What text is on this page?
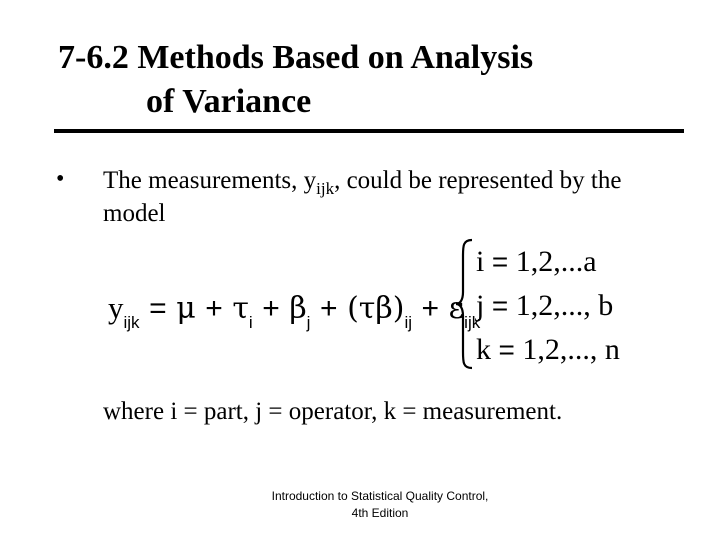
7-6.2 Methods Based on Analysis
of Variance
• The measurements, $y_{ijk}$, could be represented by the model
$y_{ijk} = \mu + \tau_i + \beta_j + (\tau\beta)_{ij} + \varepsilon_{ijk}$
i = 1,2,...a
j = 1,2,..., b
k = 1,2,..., n
where i = part, j = operator, k = measurement.
Introduction to Statistical Quality Control,
4th Edition
